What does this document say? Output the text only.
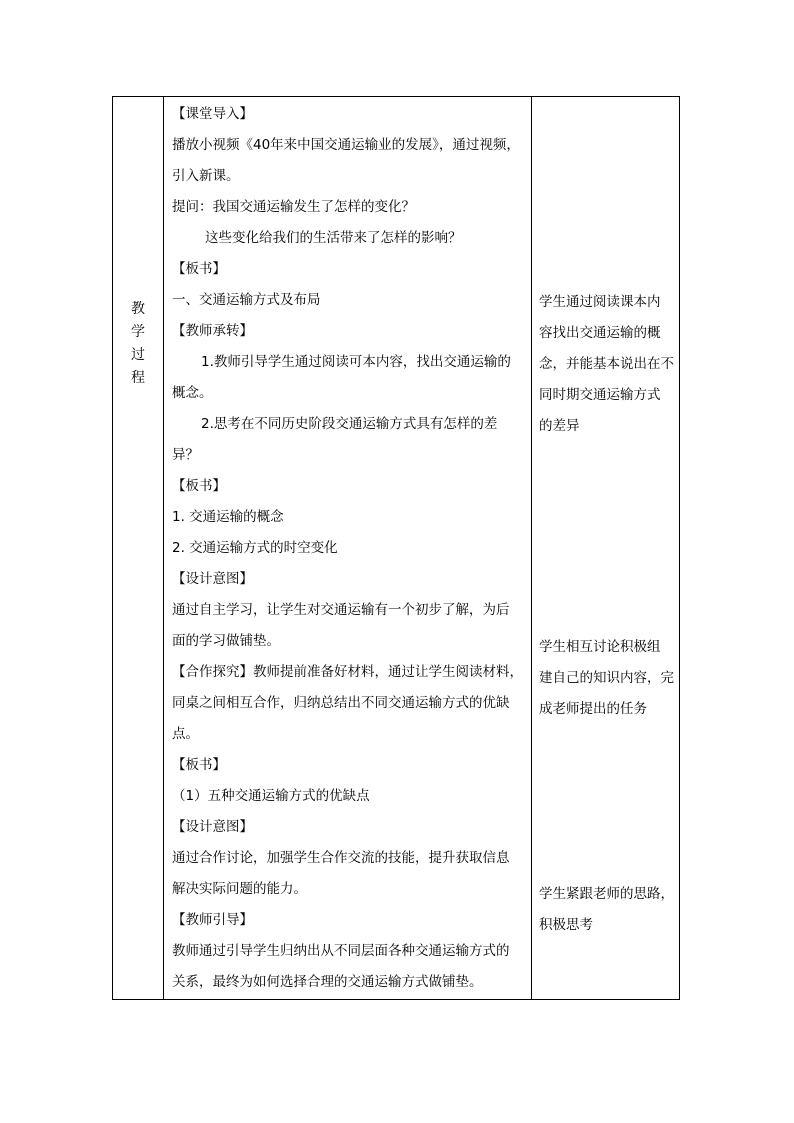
教
学
过
程
【课堂导入】
播放小视频《40年来中国交通运输业的发展》，通过视频，
引入新课。
提问：我国交通运输发生了怎样的变化？
这些变化给我们的生活带来了怎样的影响？
【板书】
一、交通运输方式及布局
【教师承转】
1.教师引导学生通过阅读可本内容，找出交通运输的
概念。
2.思考在不同历史阶段交通运输方式具有怎样的差
异？
【板书】
1. 交通运输的概念
2. 交通运输方式的时空变化
【设计意图】
通过自主学习，让学生对交通运输有一个初步了解，为后
面的学习做铺垫。
【合作探究】教师提前准备好材料，通过让学生阅读材料，
同桌之间相互合作，归纳总结出不同交通运输方式的优缺
点。
【板书】
（1）五种交通运输方式的优缺点
【设计意图】
通过合作讨论，加强学生合作交流的技能，提升获取信息
解决实际问题的能力。
【教师引导】
教师通过引导学生归纳出从不同层面各种交通运输方式的
关系，最终为如何选择合理的交通运输方式做铺垫。
学生通过阅读课本内
容找出交通运输的概
念，并能基本说出在不
同时期交通运输方式
的差异
学生相互讨论积极组
建自己的知识内容，完
成老师提出的任务
学生紧跟老师的思路，
积极思考
